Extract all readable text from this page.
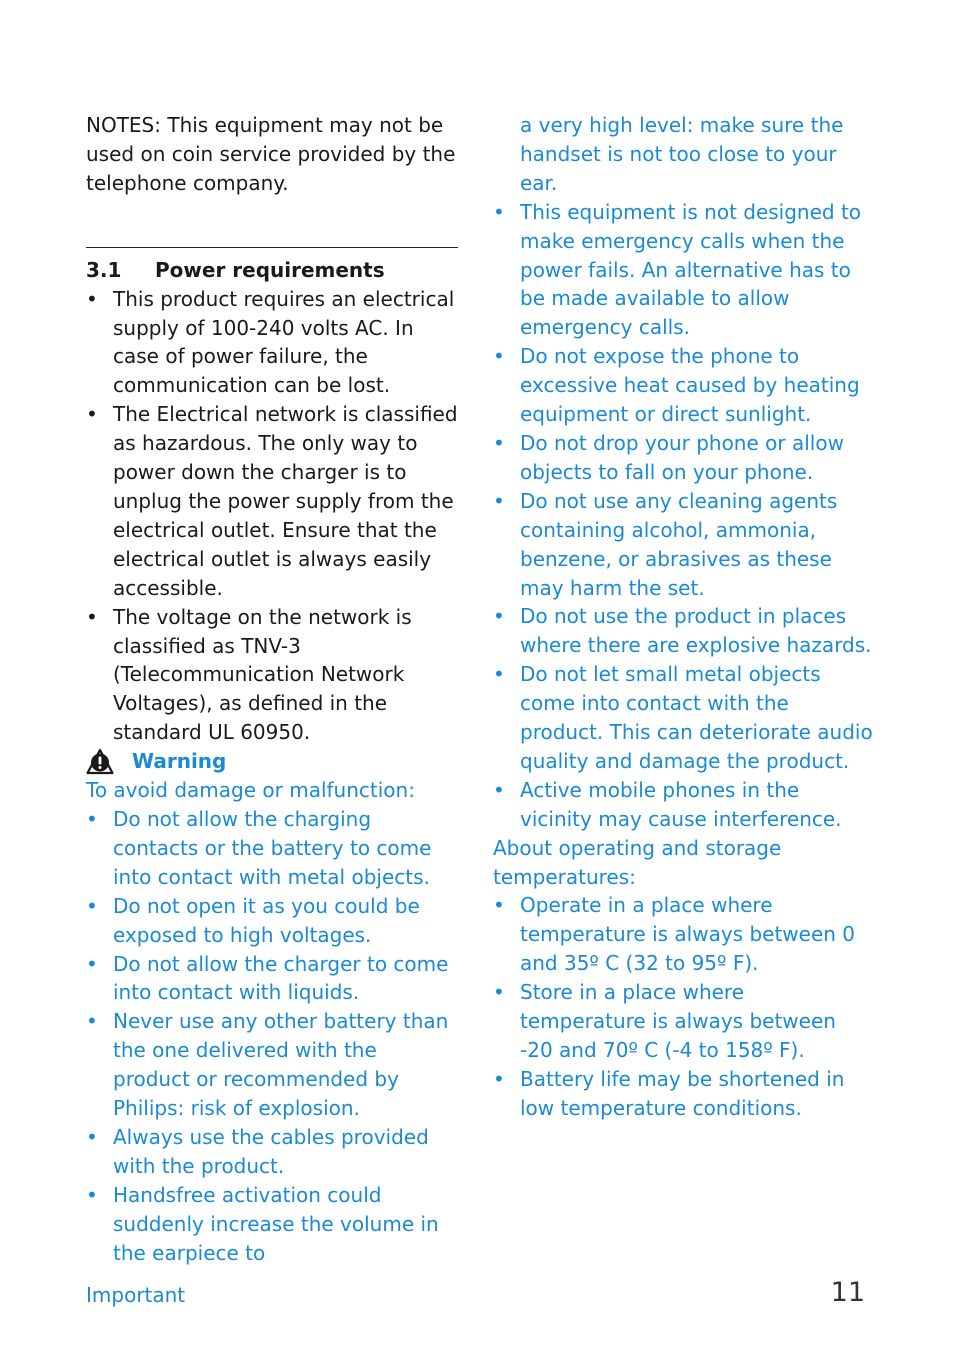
NOTES: This equipment may not be used on coin service provided by the telephone company.

3.1	Power requirements
• This product requires an electrical supply of 100-240 volts AC. In case of power failure, the communication can be lost.
• The Electrical network is classified as hazardous. The only way to power down the charger is to unplug the power supply from the electrical outlet. Ensure that the electrical outlet is always easily accessible.
• The voltage on the network is classified as TNV-3 (Telecommunication Network Voltages), as defined in the standard UL 60950.
Warning

To avoid damage or malfunction:

• Do not allow the charging contacts or the battery to come into contact with metal objects.
• Do not open it as you could be exposed to high voltages.
• Do not allow the charger to come into contact with liquids.
• Never use any other battery than the one delivered with the product or recommended by Philips: risk of explosion.
• Always use the cables provided with the product.
• Handsfree activation could suddenly increase the volume in the earpiece to

a very high level: make sure the handset is not too close to your ear.

• This equipment is not designed to make emergency calls when the power fails. An alternative has to be made available to allow emergency calls.
• Do not expose the phone to excessive heat caused by heating equipment or direct sunlight.
• Do not drop your phone or allow objects to fall on your phone.
• Do not use any cleaning agents containing alcohol, ammonia, benzene, or abrasives as these may harm the set.
• Do not use the product in places where there are explosive hazards.
• Do not let small metal objects come into contact with the product. This can deteriorate audio quality and damage the product.
• Active mobile phones in the vicinity may cause interference.

About operating and storage temperatures:

• Operate in a place where temperature is always between 0 and 35º C (32 to 95º F).
• Store in a place where temperature is always between -20 and 70º C (-4 to 158º F).
• Battery life may be shortened in low temperature conditions.
Important	11
